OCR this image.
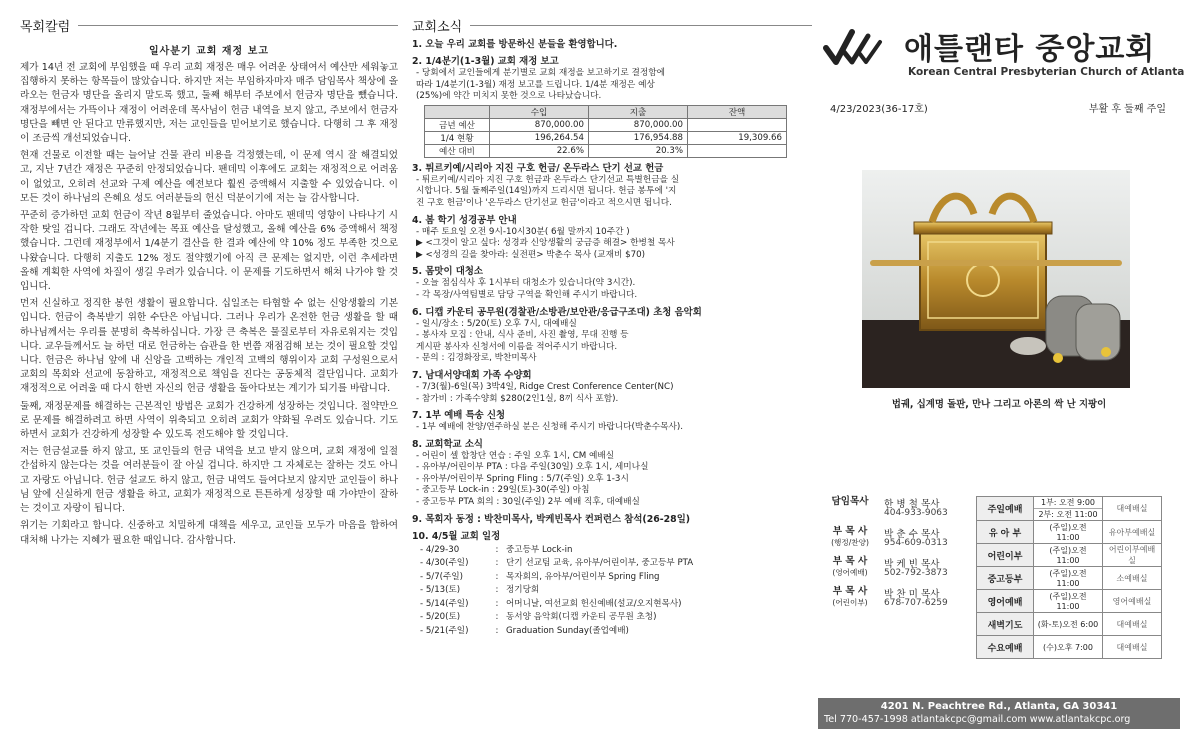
목회칼럼
일사분기 교회 재정 보고

제가 14년 전 교회에 부임했을 때 우리 교회 재정은 매우 어려운 상태여서 예산만 세워놓고 집행하지 못하는 항목들이 많았습니다. 하지만 저는 부임하자마자 매주 담임목사 책상에 올라오는 헌금자 명단을 올리지 말도록 했고, 둘째 해부터 주보에서 헌금자 명단을 뺐습니다. 재정부에서는 가뜩이나 재정이 어려운데 목사님이 헌금 내역을 보지 않고, 주보에서 헌금자 명단을 빼면 안 된다고 만류했지만, 저는 교인들을 믿어보기로 했습니다. 다행히 그 후 재정이 조금씩 개선되었습니다.

현재 건물로 이전할 때는 늘어날 건물 관리 비용을 걱정했는데, 이 문제 역시 잘 해결되었고, 지난 7년간 재정은 꾸준히 안정되었습니다. 팬데믹 이후에도 교회는 재정적으로 어려움이 없었고, 오히려 선교와 구제 예산을 예전보다 훨씬 증액해서 지출할 수 있었습니다. 이 모든 것이 하나님의 은혜요 성도 여러분들의 헌신 덕분이기에 저는 늘 감사합니다.

꾸준히 증가하던 교회 헌금이 작년 8월부터 줄었습니다. 아마도 팬데믹 영향이 나타나기 시작한 탓일 겁니다. 그래도 작년에는 목표 예산을 달성했고, 올해 예산을 6% 증액해서 책정했습니다. 그런데 재정부에서 1/4분기 결산을 한 결과 예산에 약 10% 정도 부족한 것으로 나왔습니다. 다행히 지출도 12% 정도 절약했기에 아직 큰 문제는 없지만, 이런 추세라면 올해 계획한 사역에 차질이 생길 우려가 있습니다. 이 문제를 기도하면서 해쳐 나가야 할 것입니다.

먼저 신실하고 정직한 봉헌 생활이 필요합니다. 십일조는 타협할 수 없는 신앙생활의 기본입니다. 헌금이 축복받기 위한 수단은 아닙니다. 그러나 우리가 온전한 헌금 생활을 할 때 하나님께서는 우리를 분명히 축복하십니다. 가장 큰 축복은 물질로부터 자유로워지는 것입니다. 교우들께서도 늘 하던 대로 헌금하는 습관을 한 번쯤 재점검해 보는 것이 필요할 것입니다. 헌금은 하나님 앞에 내 신앙을 고백하는 개인적 고백의 행위이자 교회 구성원으로서 교회의 목회와 선교에 동참하고, 재정적으로 책임을 진다는 공동체적 결단입니다. 교회가 재정적으로 어려울 때 다시 한번 자신의 헌금 생활을 돌아다보는 계기가 되기를 바랍니다.

둘째, 재정문제를 해결하는 근본적인 방법은 교회가 건강하게 성장하는 것입니다. 절약만으로 문제를 해결하려고 하면 사역이 위축되고 오히려 교회가 약화될 우려도 있습니다. 기도하면서 교회가 건강하게 성장할 수 있도록 전도해야 할 것입니다.

저는 헌금설교를 하지 않고, 또 교인들의 헌금 내역을 보고 받지 않으며, 교회 재정에 일절 간섭하지 않는다는 것을 여러분들이 잘 아실 겁니다. 하지만 그 자체로는 잘하는 것도 아니고 자랑도 아닙니다. 헌금 설교도 하지 않고, 헌금 내역도 들여다보지 않지만 교인들이 하나님 앞에 신실하게 헌금 생활을 하고, 교회가 재정적으로 튼튼하게 성장할 때 가야만이 잘하는 것이고 자랑이 됩니다.

위기는 기회라고 합니다. 신중하고 치밀하게 대책을 세우고, 교인들 모두가 마음을 합하여 대처해 나가는 지혜가 필요한 때입니다. 감사합니다.

교회소식
1. 오늘 우리 교회를 방문하신 분들을 환영합니다.
2. 1/4분기(1-3월) 교회 재정 보고
- 당회에서 교인들에게 분기별로 교회 재정을 보고하기로 결정함에
따라 1/4분기(1-3월) 재정 보고를 드립니다. 1/4분 재정은 예상
(25%)에 약간 미치지 못한 것으로 나타났습니다.
	수입	지출	잔액
금년 예산	870,000.00	870,000.00	
1/4 현황	196,264.54	176,954.88	19,309.66
예산 대비	22.6%	20.3%	
3. 튀르키예/시리아 지진 구호 헌금/ 온두라스 단기 선교 헌금
- 튀르키예/시리아 지진 구호 헌금과 온두라스 단기선교 특별헌금을 실
시합니다. 5월 둘째주일(14일)까지 드리시면 됩니다. 헌금 봉투에 '지
진 구호 헌금'이나 '온두라스 단기선교 헌금'이라고 적으시면 됩니다.
4. 봄 학기 성경공부 안내
- 매주 토요일 오전 9시-10시30분( 6월 말까지 10주간 )
▶ <그것이 알고 싶다: 성경과 신앙생활의 궁금증 해결> 한병철 목사
▶ <성경의 길을 찾아라: 실전편> 박춘수 목사 (교재비 $70)
5. 몸맛이 대청소
- 오늘 점심식사 후 1시부터 대청소가 있습니다(약 3시간).
- 각 목장/사역팀별로 담당 구역을 확인해 주시기 바랍니다.
6. 디캡 카운티 공무원(경찰관/소방관/보안관/응급구조대) 초청 음악회
- 일시/장소 : 5/20(토) 오후 7시, 대예배실
- 봉사자 모집 : 안내, 식사 준비, 사진 촬영, 무대 진행 등
게시판 봉사자 신청서에 이름을 적어주시기 바랍니다.
- 문의 : 김경화장로, 박찬미목사
7. 남대서양대회 가족 수양회
- 7/3(월)-6일(목) 3박4일, Ridge Crest Conference Center(NC)
- 참가비 : 가족수양회 $280(2인1실, 8끼 식사 포함).
7. 1부 예배 특송 신청
- 1부 예배에 찬양/연주하실 분은 신청해 주시기 바랍니다(박춘수목사).
8. 교회학교 소식
- 어린이 셀 합창단 연습 : 주일 오후 1시, CM 예배실
- 유아부/어린이부 PTA : 다음 주일(30일) 오후 1시, 세미나실
- 유아부/어린이부 Spring Fling : 5/7(주일) 오후 1-3시
- 중고등부 Lock-in : 29일(토)-30(주일) 아침
- 중고등부 PTA 회의 : 30일(주일) 2부 예배 직후, 대예배실
9. 목회자 동정 : 박찬미목사, 박케빈목사 컨퍼런스 참석(26-28일)
10. 4/5월 교회 일정
- 4/29-30	:	중고등부 Lock-in
- 4/30(주일)	:	단기 선교팀 교육, 유아부/어린이부, 중고등부 PTA
- 5/7(주일)	:	목자회의, 유아부/어린이부 Spring Fling
- 5/13(토)	:	정기당회
- 5/14(주일)	:	어머니날, 여선교회 헌신예배(설교/오지현목사)
- 5/20(토)	:	동서양 음악회(디캡 카운티 공무원 초청)
- 5/21(주일)	:	Graduation Sunday(졸업예배)
애틀랜타 중앙교회
Korean Central Presbyterian Church of Atlanta
4/23/2023(36-17호)	부활 후 둘째 주일
법궤, 십계명 돌판, 만나 그리고 아론의 싹 난 지팡이
담임목사	한 병 철 목사
404-933-9063
부 목 사
(행정/찬양)
박 춘 수 목사
954-609-0313
부 목 사
(영어예배)
박 케 빈 목사
502-792-3873
부 목 사
(어린이부)
박 찬 미 목사
678-707-6259
주일예배	1부: 오전 9:00
2부: 오전 11:00	대예배실
유 아 부	(주일)오전 11:00	유아부예배실
어린이부	(주일)오전 11:00	어린이부예배실
중고등부	(주일)오전 11:00	소예배실
영어예배	(주일)오전 11:00	영어예배실
새벽기도	(화-토)오전 6:00	대예배실
수요예배	(수)오후 7:00	대예배실
4201 N. Peachtree Rd., Atlanta, GA 30341
Tel 770-457-1998 atlantakcpc@gmail.com www.atlantakcpc.org
